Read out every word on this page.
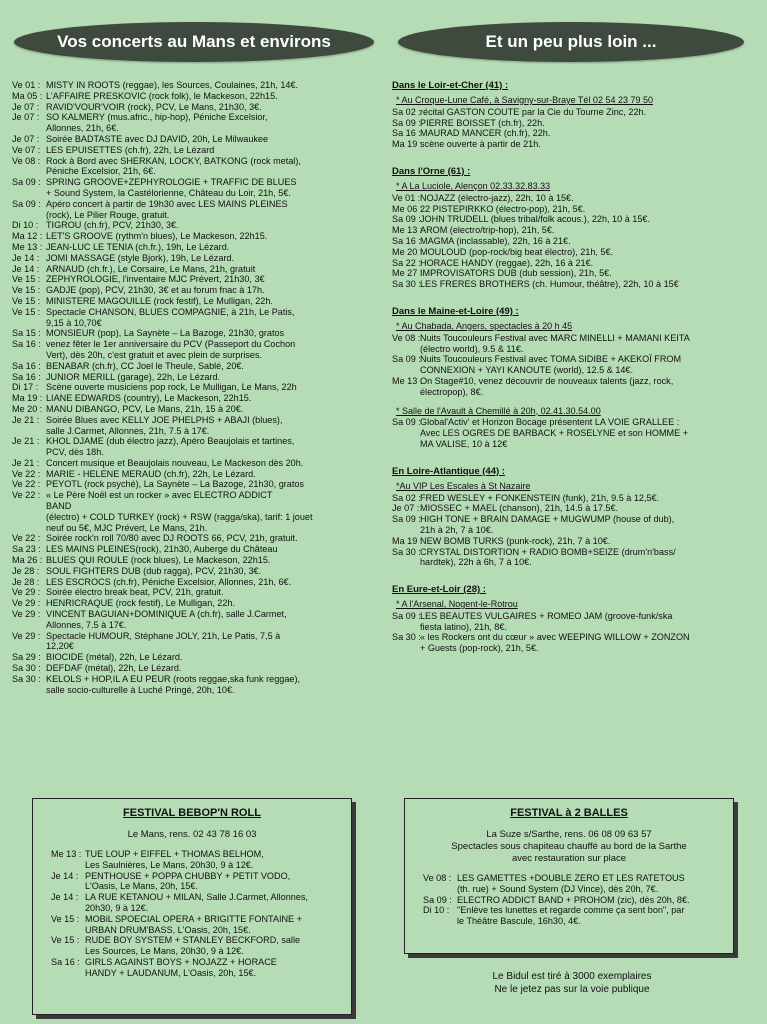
Vos concerts au Mans et environs
Ve 01 : MISTY IN ROOTS (reggae), les Sources, Coulaines, 21h, 14€.
Ma 05 : L'AFFAIRE PRESKOVIC (rock folk), le Mackeson, 22h15.
Je 07 : RAVID'VOUR'VOIR (rock), PCV, Le Mans, 21h30, 3€.
Je 07 : SO KALMERY (mus.afric., hip-hop), Péniche Excelsior,
Allonnes, 21h, 6€.
Je 07 : Soirée BADTASTE avec DJ DAVID, 20h, Le Milwaukee
Ve 07 : LES EPUISETTES (ch.fr), 22h, Le Lézard
Ve 08 : Rock à Bord avec SHERKAN, LOCKY, BATKONG (rock metal),
Péniche Excelsior, 21h, 6€.
Sa 09 : SPRING GROOVE+ZEPHYROLOGIE + TRAFFIC DE BLUES
+ Sound System, la Castélorienne, Château du Loir, 21h, 5€.
Sa 09 : Apéro concert à partir de 19h30 avec LES MAINS PLEINES
(rock), Le Pilier Rouge, gratuit.
Di 10 : TIGROU (ch.fr), PCV, 21h30, 3€.
Ma 12 : LET'S GROOVE (rythm'n blues), Le Mackeson, 22h15.
Me 13 : JEAN-LUC LE TENIA (ch.fr.), 19h, Le Lézard.
Je 14 : JOMI MASSAGE (style Bjork), 19h, Le Lézard.
Je 14 : ARNAUD (ch.fr.), Le Corsaire, Le Mans, 21h, gratuit
Ve 15 : ZEPHYROLOGIE, l'inventaire MJC Prévert, 21h30, 3€
Ve 15 : GADJE (pop), PCV, 21h30, 3€ et au forum fnac à 17h.
Ve 15 : MINISTERE MAGOUILLE (rock festif), Le Mulligan, 22h.
Ve 15 : Spectacle CHANSON, BLUES COMPAGNIE, à 21h, Le Patis,
9,15 à 10,70€
Sa 15 : MONSIEUR (pop), La Saynète – La Bazoge, 21h30, gratos
Sa 16 : venez fêter le 1er anniversaire du PCV (Passeport du Cochon
Vert), dès 20h, c'est gratuit et avec plein de surprises.
Sa 16 : BENABAR (ch.fr), CC Joel le Theule, Sablé, 20€.
Sa 16 : JUNIOR MERILL (garage), 22h, Le Lézard.
Di 17 : Scène ouverte musiciens pop rock, Le Mulligan, Le Mans, 22h
Ma 19 : LIANE EDWARDS (country), Le Mackeson, 22h15.
Me 20 : MANU DIBANGO, PCV, Le Mans, 21h, 15 à 20€.
Je 21 : Soirée Blues avec KELLY JOE PHELPHS + ABAJI (blues),
salle J.Carmet, Allonnes, 21h, 7.5 à 17€.
Je 21 : KHOL DJAME (dub électro jazz), Apéro Beaujolais et tartines,
PCV, dès 18h.
Je 21 : Concert musique et Beaujolais nouveau, Le Mackeson dès 20h.
Ve 22 : MARIE - HELENE MERAUD (ch.fr), 22h, Le Lézard.
Ve 22 : PEYOTL (rock psyché), La Saynète – La Bazoge, 21h30, gratos
Ve 22 : « Le Père Noël est un rocker » avec ELECTRO ADDICT
BAND
(électro) + COLD TURKEY (rock) + RSW (ragga/ska), tarif: 1 jouet
neuf ou 5€, MJC Prévert, Le Mans, 21h.
Ve 22 : Soirée rock'n roll 70/80 avec DJ ROOTS 66, PCV, 21h, gratuit.
Sa 23 : LES MAINS PLEINES(rock), 21h30, Auberge du Château
Ma 26 : BLUES QUI ROULE (rock blues), Le Mackeson, 22h15.
Je 28 : SOUL FIGHTERS DUB (dub ragga), PCV, 21h30, 3€.
Je 28 : LES ESCROCS (ch.fr), Péniche Excelsior, Allonnes, 21h, 6€.
Ve 29 : Soirée électro break beat, PCV, 21h, gratuit.
Ve 29 : HENRICRAQUE (rock festif), Le Mulligan, 22h.
Ve 29 : VINCENT BAGUIAN+DOMINIQUE A (ch.fr), salle J.Carmet,
Allonnes, 7.5 à 17€.
Ve 29 : Spectacle HUMOUR, Stéphane JOLY, 21h, Le Patis, 7,5 à
12,20€
Sa 29 : BIOCIDE (métal), 22h, Le Lézard.
Sa 30 : DEFDAF (métal), 22h, Le Lézard.
Sa 30 : KELOLS + HOP,IL A EU PEUR (roots reggae,ska funk reggae),
salle socio-culturelle à Luché Pringé, 20h, 10€.
FESTIVAL BEBOP'N ROLL
Le Mans, rens. 02 43 78 16 03
Me 13 : TUE LOUP + EIFFEL + THOMAS BELHOM,
Les Saulnières, Le Mans, 20h30, 9 à 12€.
Je 14 : PENTHOUSE + POPPA CHUBBY + PETIT VODO,
L'Oasis, Le Mans, 20h, 15€.
Je 14 : LA RUE KETANOU + MILAN, Salle J.Carmet, Allonnes,
20h30, 9 à 12€.
Ve 15 : MOBiL SPOECIAL OPERA + BRIGITTE FONTAINE +
URBAN DRUM'BASS, L'Oasis, 20h, 15€.
Ve 15 : RUDE BOY SYSTEM + STANLEY BECKFORD, salle
Les Sources, Le Mans, 20h30, 9 à 12€.
Sa 16 : GIRLS AGAINST BOYS + NOJAZZ + HORACE
HANDY + LAUDANUM, L'Oasis, 20h, 15€.
Et un peu plus loin ...
Dans le Loir-et-Cher (41) :
* Au Croque-Lune Café, à Savigny-sur-Braye Tél 02 54 23 79 50
Sa 02 :récital GASTON COUTE par la Cie du Tourne Zinc, 22h.
Sa 09 :PIERRE BOISSET (ch.fr), 22h.
Sa 16 :MAURAD MANCER (ch.fr), 22h.
Ma 19 :scène ouverte à partir de 21h.
Dans l'Orne (61) :
* A La Luciole, Alençon 02.33.32.83.33
Ve 01 :NOJAZZ (électro-jazz), 22h, 10 à 15€.
Me 06 :22 PISTEPIRKKO (électro-pop), 21h, 5€.
Sa 09 :JOHN TRUDELL (blues tribal/folk acous.), 22h, 10 à 15€.
Me 13 :AROM (electro/trip-hop), 21h, 5€.
Sa 16 :MAGMA (inclassable), 22h, 16 à 21€.
Me 20 :MOULOUD (pop-rock/big beat électro), 21h, 5€.
Sa 22 :HORACE HANDY (reggae), 22h, 16 à 21€.
Me 27 :IMPROVISATORS DUB (dub session), 21h, 5€.
Sa 30 :LES FRERES BROTHERS (ch. Humour, théâtre), 22h, 10 à 15€
Dans le Maine-et-Loire (49) :
* Au Chabada, Angers, spectacles à 20 h 45
Ve 08 :Nuits Toucouleurs Festival avec MARC MINELLI + MAMANI KEITA
(électro world), 9.5 & 11€.
Sa 09 :Nuits Toucouleurs Festival avec TOMA SIDIBE + AKEKOÏ FROM
CONNEXION + YAYI KANOUTE (world), 12.5 & 14€.
Me 13 :On Stage#10, venez découvrir de nouveaux talents (jazz, rock,
électropop), 8€.
* Salle de l'Avault à Chemillé à 20h, 02.41.30.54.00
Sa 09 :Global'Activ' et Horizon Bocage présentent LA VOIE GRALLEE :
Avec LES OGRES DE BARBACK + ROSELYNE et son HOMME +
MA VALISE, 10 à 12€
En Loire-Atlantique (44) :
*Au VIP Les Escales à St Nazaire
Sa 02 :FRED WESLEY + FONKENSTEIN (funk), 21h, 9.5 à 12,5€.
Je 07 :MIOSSEC + MAEL (chanson), 21h, 14.5 à 17.5€.
Sa 09 :HIGH TONE + BRAIN DAMAGE + MUGWUMP (house of dub),
21h à 2h, 7 à 10€.
Ma 19 :NEW BOMB TURKS (punk-rock), 21h, 7 à 10€.
Sa 30 :CRYSTAL DISTORTION + RADIO BOMB+SEIZE (drum'n'bass/
hardtek), 22h à 6h, 7 à 10€.
En Eure-et-Loir (28) :
* A l'Arsenal, Nogent-le-Rotrou
Sa 09 :LES BEAUTES VULGAIRES + ROMEO JAM (groove-funk/ska
fiesta latino), 21h, 8€.
Sa 30 :« les Rockers ont du cœur » avec WEEPING WILLOW + ZONZON
+ Guests (pop-rock), 21h, 5€.
FESTIVAL à 2 BALLES
La Suze s/Sarthe, rens. 06 08 09 63 57
Spectacles sous chapiteau chauffé au bord de la Sarthe
avec restauration sur place
Ve 08 : LES GAMETTES +DOUBLE ZERO ET LES RATETOUS
(th. rue) + Sound System (DJ Vince), dès 20h, 7€.
Sa 09 : ELECTRO ADDICT BAND + PROHOM (zic), dès 20h, 8€.
Di 10 : "Enlève tes lunettes et regarde comme ça sent bon", par
le Théâtre Bascule, 16h30, 4€.
Le Bidul est tiré à 3000 exemplaires
Ne le jetez pas sur la voie publique
